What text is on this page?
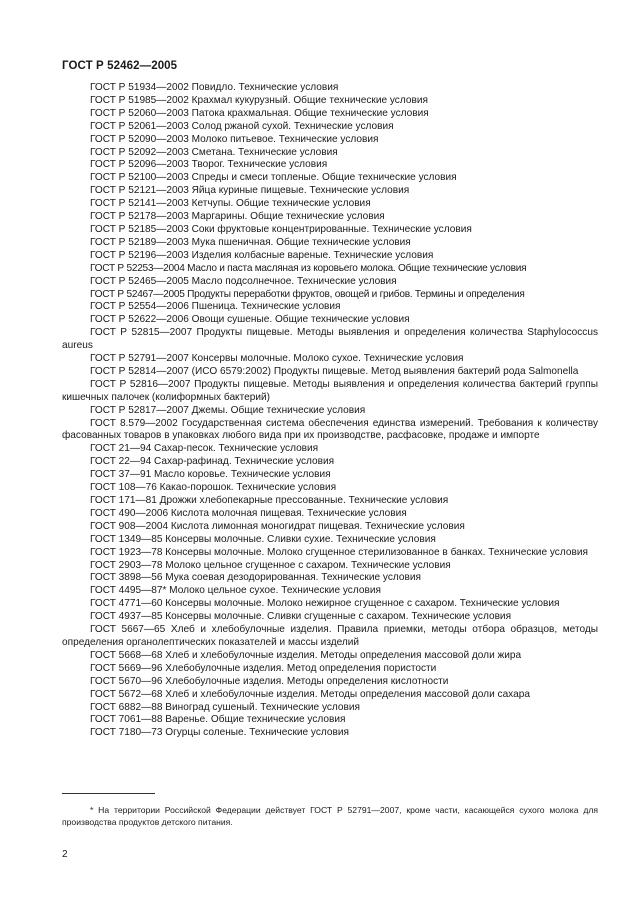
ГОСТ Р 52462—2005
ГОСТ Р 51934—2002 Повидло. Технические условия
ГОСТ Р 51985—2002 Крахмал кукурузный. Общие технические условия
ГОСТ Р 52060—2003 Патока крахмальная. Общие технические условия
ГОСТ Р 52061—2003 Солод ржаной сухой. Технические условия
ГОСТ Р 52090—2003 Молоко питьевое. Технические условия
ГОСТ Р 52092—2003 Сметана. Технические условия
ГОСТ Р 52096—2003 Творог. Технические условия
ГОСТ Р 52100—2003 Спреды и смеси топленые. Общие технические условия
ГОСТ Р 52121—2003 Яйца куриные пищевые. Технические условия
ГОСТ Р 52141—2003 Кетчупы. Общие технические условия
ГОСТ Р 52178—2003 Маргарины. Общие технические условия
ГОСТ Р 52185—2003 Соки фруктовые концентрированные. Технические условия
ГОСТ Р 52189—2003 Мука пшеничная. Общие технические условия
ГОСТ Р 52196—2003 Изделия колбасные вареные. Технические условия
ГОСТ Р 52253—2004 Масло и паста масляная из коровьего молока. Общие технические условия
ГОСТ Р 52465—2005 Масло подсолнечное. Технические условия
ГОСТ Р 52467—2005 Продукты переработки фруктов, овощей и грибов. Термины и определения
ГОСТ Р 52554—2006 Пшеница. Технические условия
ГОСТ Р 52622—2006 Овощи сушеные. Общие технические условия
ГОСТ Р 52815—2007 Продукты пищевые. Методы выявления и определения количества Staphylococcus aureus
ГОСТ Р 52791—2007 Консервы молочные. Молоко сухое. Технические условия
ГОСТ Р 52814—2007 (ИСО 6579:2002) Продукты пищевые. Метод выявления бактерий рода Salmonella
ГОСТ Р 52816—2007 Продукты пищевые. Методы выявления и определения количества бактерий группы кишечных палочек (колиформных бактерий)
ГОСТ Р 52817—2007 Джемы. Общие технические условия
ГОСТ 8.579—2002 Государственная система обеспечения единства измерений. Требования к количеству фасованных товаров в упаковках любого вида при их производстве, расфасовке, продаже и импорте
ГОСТ 21—94 Сахар-песок. Технические условия
ГОСТ 22—94 Сахар-рафинад. Технические условия
ГОСТ 37—91 Масло коровье. Технические условия
ГОСТ 108—76 Какао-порошок. Технические условия
ГОСТ 171—81 Дрожжи хлебопекарные прессованные. Технические условия
ГОСТ 490—2006 Кислота молочная пищевая. Технические условия
ГОСТ 908—2004 Кислота лимонная моногидрат пищевая. Технические условия
ГОСТ 1349—85 Консервы молочные. Сливки сухие. Технические условия
ГОСТ 1923—78 Консервы молочные. Молоко сгущенное стерилизованное в банках. Технические условия
ГОСТ 2903—78 Молоко цельное сгущенное с сахаром. Технические условия
ГОСТ 3898—56 Мука соевая дезодорированная. Технические условия
ГОСТ 4495—87* Молоко цельное сухое. Технические условия
ГОСТ 4771—60 Консервы молочные. Молоко нежирное сгущенное с сахаром. Технические условия
ГОСТ 4937—85 Консервы молочные. Сливки сгущенные с сахаром. Технические условия
ГОСТ 5667—65 Хлеб и хлебобулочные изделия. Правила приемки, методы отбора образцов, методы определения органолептических показателей и массы изделий
ГОСТ 5668—68 Хлеб и хлебобулочные изделия. Методы определения массовой доли жира
ГОСТ 5669—96 Хлебобулочные изделия. Метод определения пористости
ГОСТ 5670—96 Хлебобулочные изделия. Методы определения кислотности
ГОСТ 5672—68 Хлеб и хлебобулочные изделия. Методы определения массовой доли сахара
ГОСТ 6882—88 Виноград сушеный. Технические условия
ГОСТ 7061—88 Варенье. Общие технические условия
ГОСТ 7180—73 Огурцы соленые. Технические условия
* На территории Российской Федерации действует ГОСТ Р 52791—2007, кроме части, касающейся сухого молока для производства продуктов детского питания.
2
